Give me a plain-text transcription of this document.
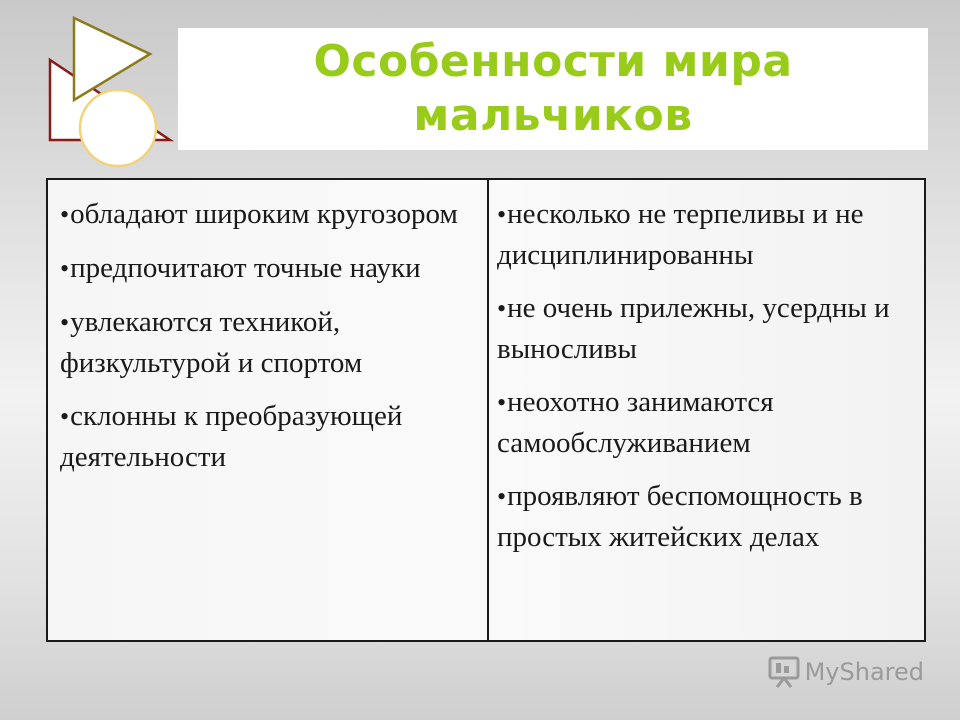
Особенности мира мальчиков

•обладают широким кругозором

•предпочитают точные науки

•увлекаются техникой, физкультурой и спортом

•склонны к преобразующей деятельности

•несколько не терпеливы и не дисциплинированны

•не очень прилежны, усердны и выносливы

•неохотно занимаются самообслуживанием

•проявляют беспомощность в простых житейских делах

MyShared
